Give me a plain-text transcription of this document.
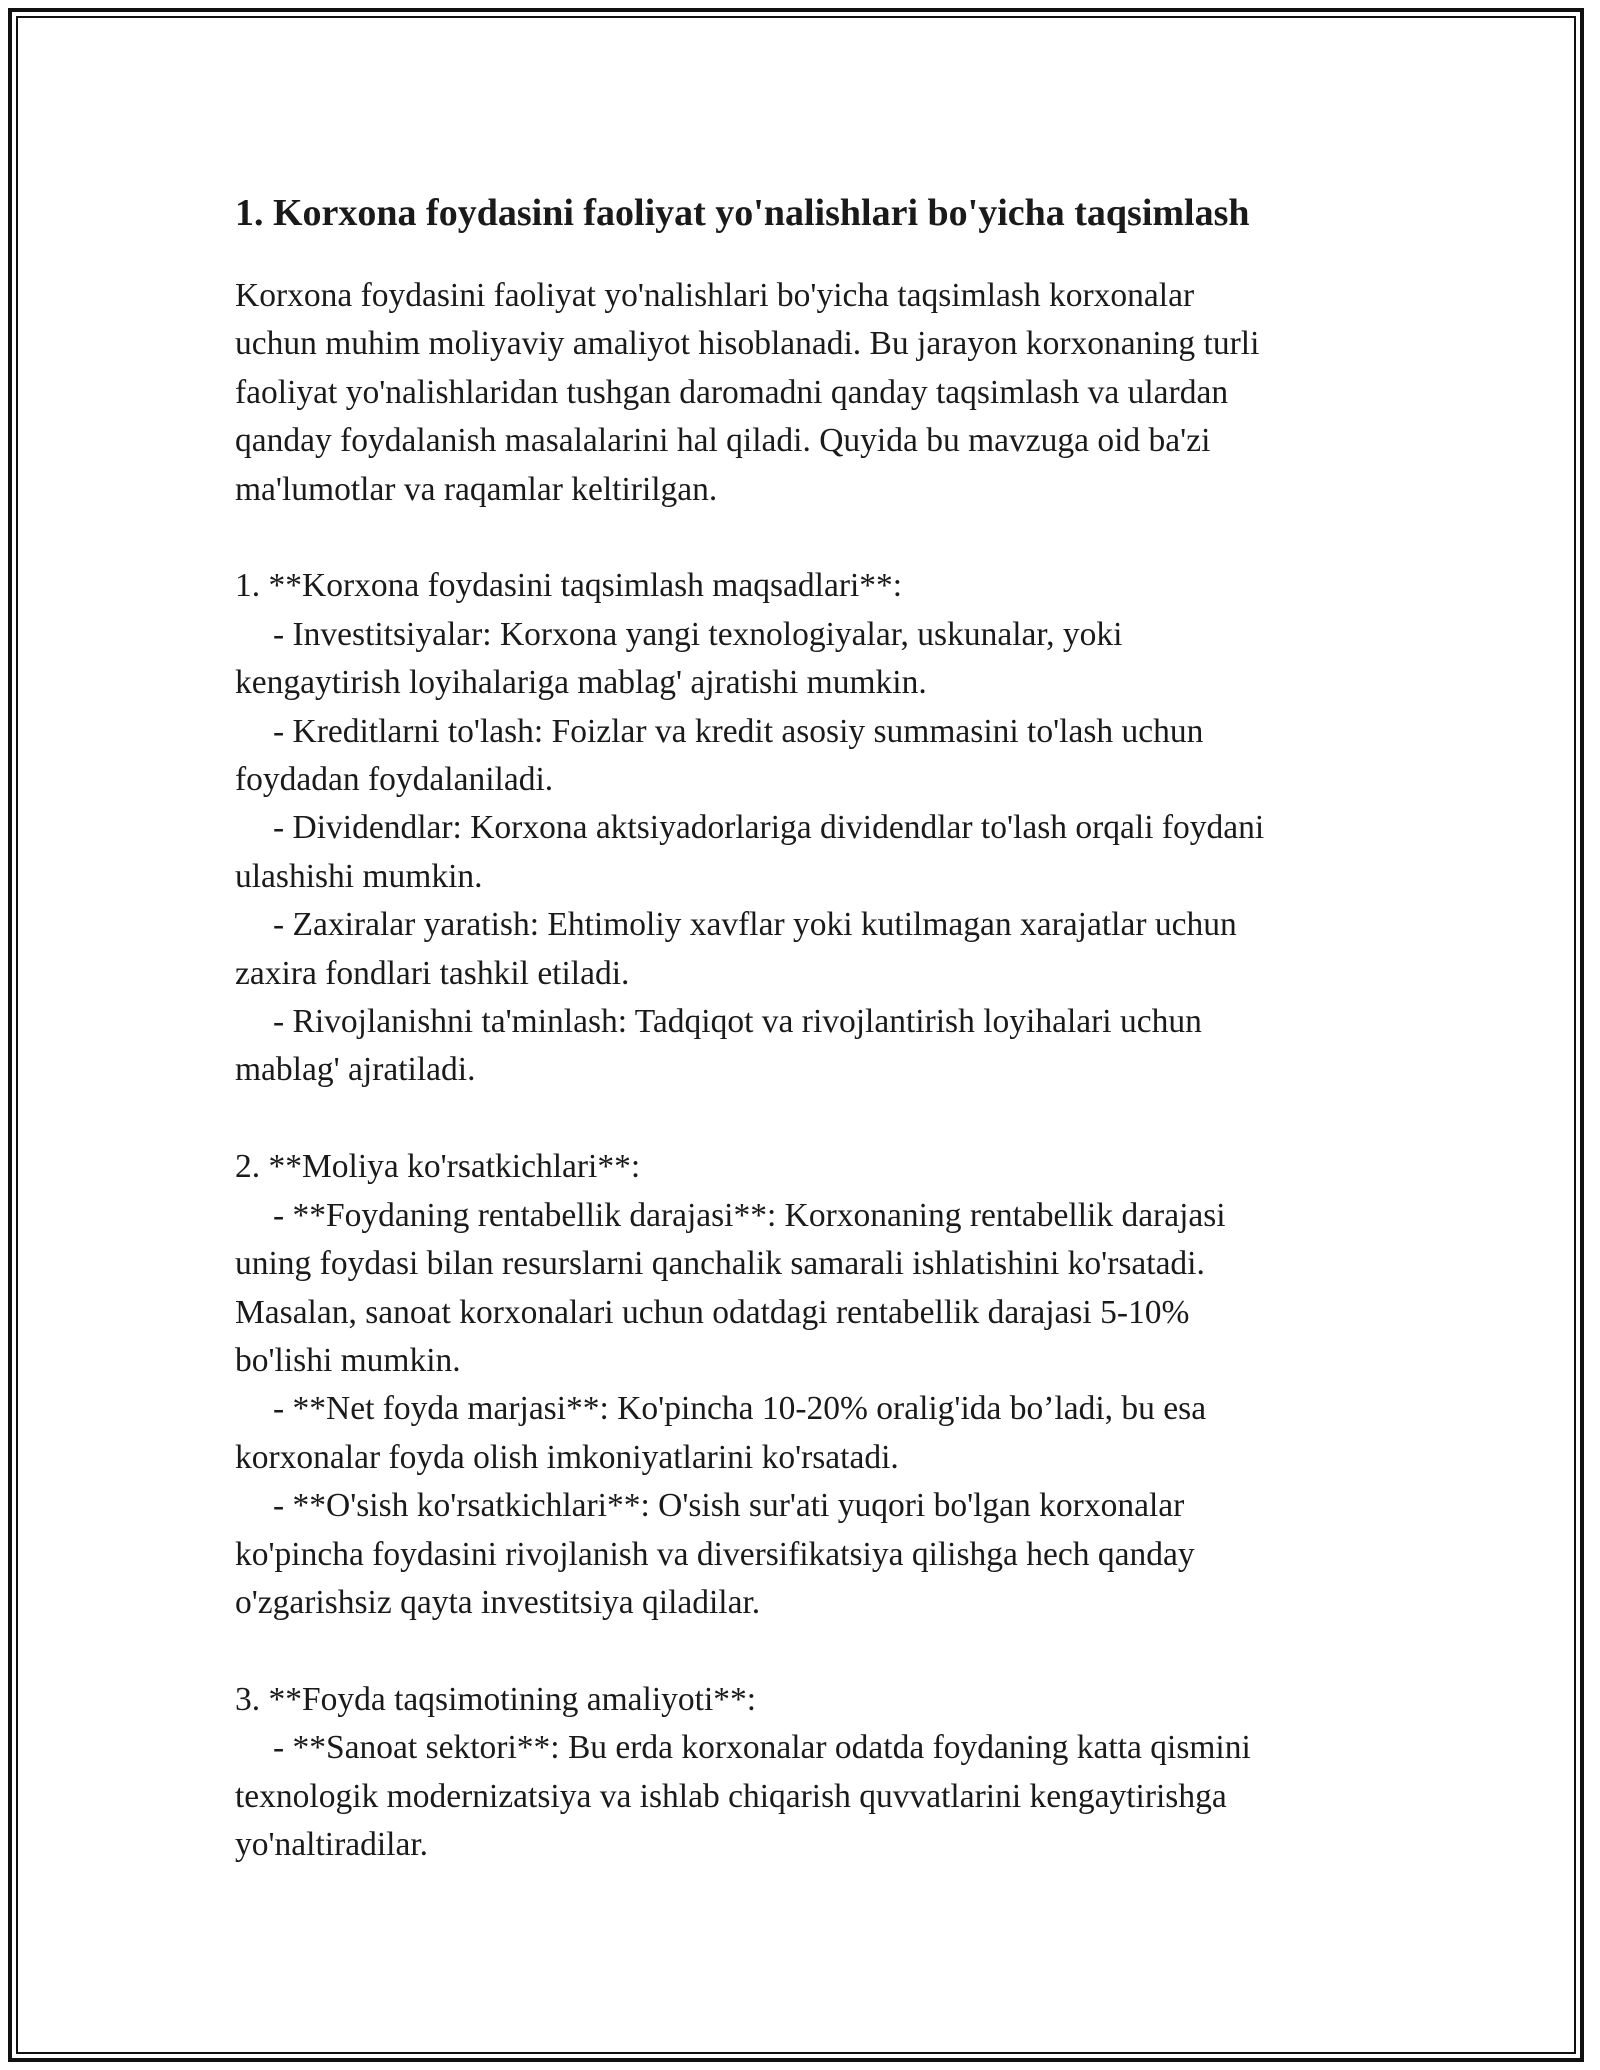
1. Korxona foydasini faoliyat yo'nalishlari bo'yicha taqsimlash

Korxona foydasini faoliyat yo'nalishlari bo'yicha taqsimlash korxonalar

uchun muhim moliyaviy amaliyot hisoblanadi. Bu jarayon korxonaning turli

faoliyat yo'nalishlaridan tushgan daromadni qanday taqsimlash va ulardan

qanday foydalanish masalalarini hal qiladi. Quyida bu mavzuga oid ba'zi

ma'lumotlar va raqamlar keltirilgan.

1. **Korxona foydasini taqsimlash maqsadlari**:

- Investitsiyalar: Korxona yangi texnologiyalar, uskunalar, yoki

kengaytirish loyihalariga mablag' ajratishi mumkin.

- Kreditlarni to'lash: Foizlar va kredit asosiy summasini to'lash uchun

foydadan foydalaniladi.

- Dividendlar: Korxona aktsiyadorlariga dividendlar to'lash orqali foydani

ulashishi mumkin.

- Zaxiralar yaratish: Ehtimoliy xavflar yoki kutilmagan xarajatlar uchun

zaxira fondlari tashkil etiladi.

- Rivojlanishni ta'minlash: Tadqiqot va rivojlantirish loyihalari uchun

mablag' ajratiladi.

2. **Moliya ko'rsatkichlari**:

- **Foydaning rentabellik darajasi**: Korxonaning rentabellik darajasi

uning foydasi bilan resurslarni qanchalik samarali ishlatishini ko'rsatadi.

Masalan, sanoat korxonalari uchun odatdagi rentabellik darajasi 5-10%

bo'lishi mumkin.

- **Net foyda marjasi**: Ko'pincha 10-20% oralig'ida bo’ladi, bu esa

korxonalar foyda olish imkoniyatlarini ko'rsatadi.

- **O'sish ko'rsatkichlari**: O'sish sur'ati yuqori bo'lgan korxonalar

ko'pincha foydasini rivojlanish va diversifikatsiya qilishga hech qanday

o'zgarishsiz qayta investitsiya qiladilar.

3. **Foyda taqsimotining amaliyoti**:

- **Sanoat sektori**: Bu erda korxonalar odatda foydaning katta qismini

texnologik modernizatsiya va ishlab chiqarish quvvatlarini kengaytirishga

yo'naltiradilar.
